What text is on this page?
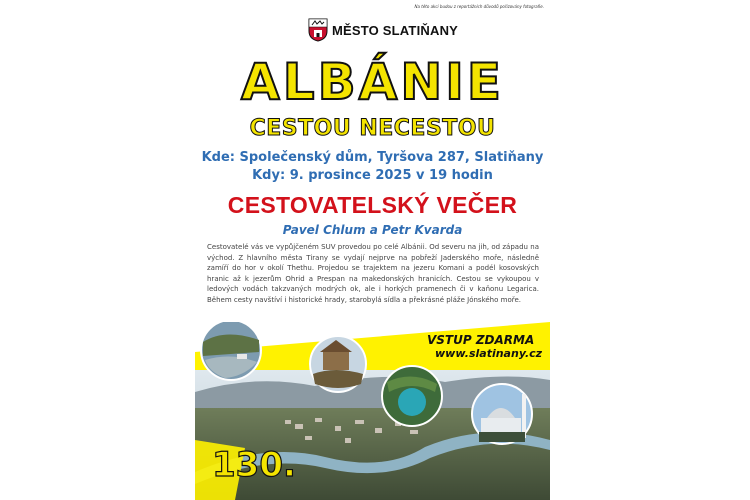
Na této akci budou z reportážních důvodů pořizovány fotografie.
MĚSTO SLATIŇANY
ALBÁNIE
CESTOU NECESTOU
Kde: Společenský dům, Tyršova 287, Slatiňany
Kdy: 9. prosince 2025 v 19 hodin
CESTOVATELSKÝ VEČER
Pavel Chlum a Petr Kvarda

Cestovatelé vás ve vypůjčeném SUV provedou po celé Albánii. Od severu na jih, od západu na východ. Z hlavního města Tirany se vydají nejprve na pobřeží Jaderského moře, následně zamíří do hor v okolí Thethu. Projedou se trajektem na jezeru Komani a podél kosovských hranic až k jezerům Ohrid a Prespan na makedonských hranicích. Cestou se vykoupou v ledových vodách takzvaných modrých ok, ale i horkých pramenech či v kaňonu Legarica. Během cesty navštíví i historické hrady, starobylá sídla a překrásné pláže Jónského moře.

VSTUP ZDARMA
www.slatinany.cz
130.
